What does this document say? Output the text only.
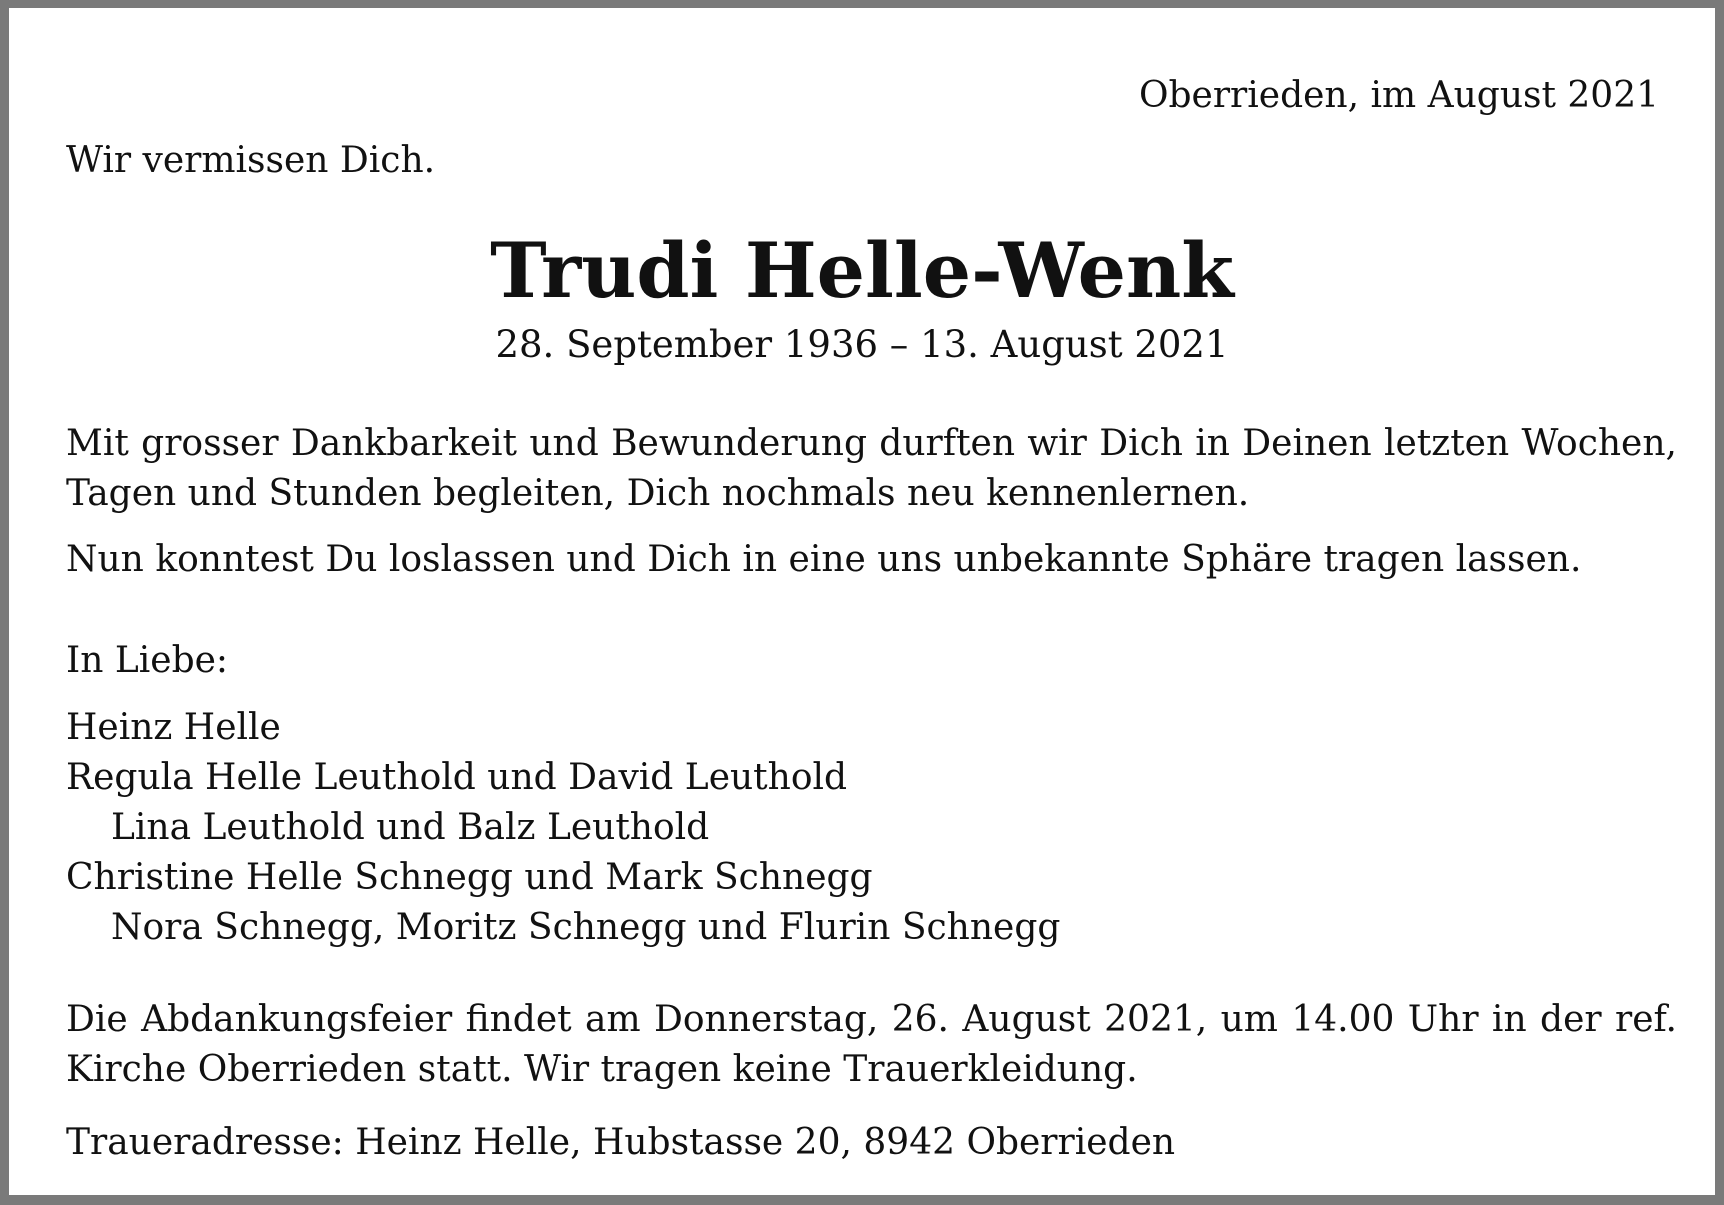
Oberrieden, im August 2021
Wir vermissen Dich.
Trudi Helle-Wenk
28. September 1936 – 13. August 2021
Mit grosser Dankbarkeit und Bewunderung durften wir Dich in Deinen letzten Wochen, Tagen und Stunden begleiten, Dich nochmals neu kennenlernen.
Nun konntest Du loslassen und Dich in eine uns unbekannte Sphäre tragen lassen.
In Liebe:
Heinz Helle
Regula Helle Leuthold und David Leuthold
Lina Leuthold und Balz Leuthold
Christine Helle Schnegg und Mark Schnegg
Nora Schnegg, Moritz Schnegg und Flurin Schnegg
Die Abdankungsfeier findet am Donnerstag, 26. August 2021, um 14.00 Uhr in der ref. Kirche Oberrieden statt. Wir tragen keine Trauerkleidung.
Traueradresse: Heinz Helle, Hubstasse 20, 8942 Oberrieden
